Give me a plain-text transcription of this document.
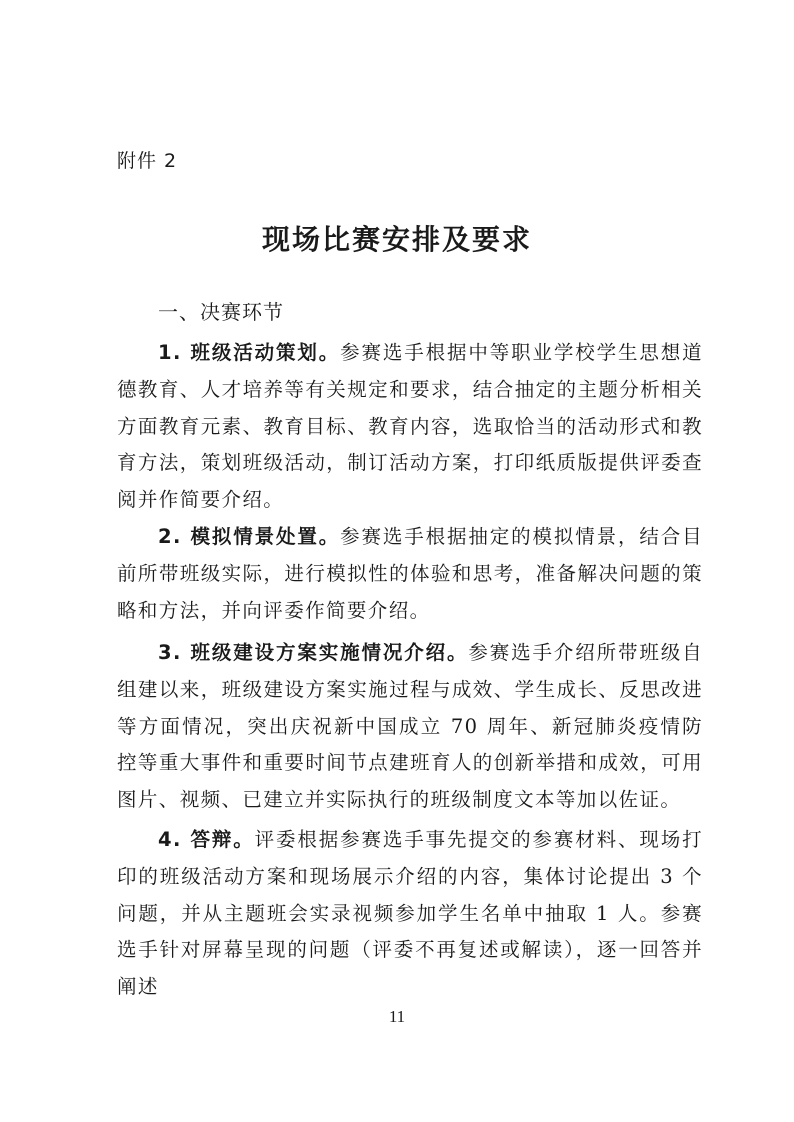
附件 2
现场比赛安排及要求
一、决赛环节

1. 班级活动策划。参赛选手根据中等职业学校学生思想道德教育、人才培养等有关规定和要求，结合抽定的主题分析相关方面教育元素、教育目标、教育内容，选取恰当的活动形式和教育方法，策划班级活动，制订活动方案，打印纸质版提供评委查阅并作简要介绍。

2. 模拟情景处置。参赛选手根据抽定的模拟情景，结合目前所带班级实际，进行模拟性的体验和思考，准备解决问题的策略和方法，并向评委作简要介绍。

3. 班级建设方案实施情况介绍。参赛选手介绍所带班级自组建以来，班级建设方案实施过程与成效、学生成长、反思改进等方面情况，突出庆祝新中国成立 70 周年、新冠肺炎疫情防控等重大事件和重要时间节点建班育人的创新举措和成效，可用图片、视频、已建立并实际执行的班级制度文本等加以佐证。

4. 答辩。评委根据参赛选手事先提交的参赛材料、现场打印的班级活动方案和现场展示介绍的内容，集体讨论提出 3 个问题，并从主题班会实录视频参加学生名单中抽取 1 人。参赛选手针对屏幕呈现的问题（评委不再复述或解读），逐一回答并阐述

11
